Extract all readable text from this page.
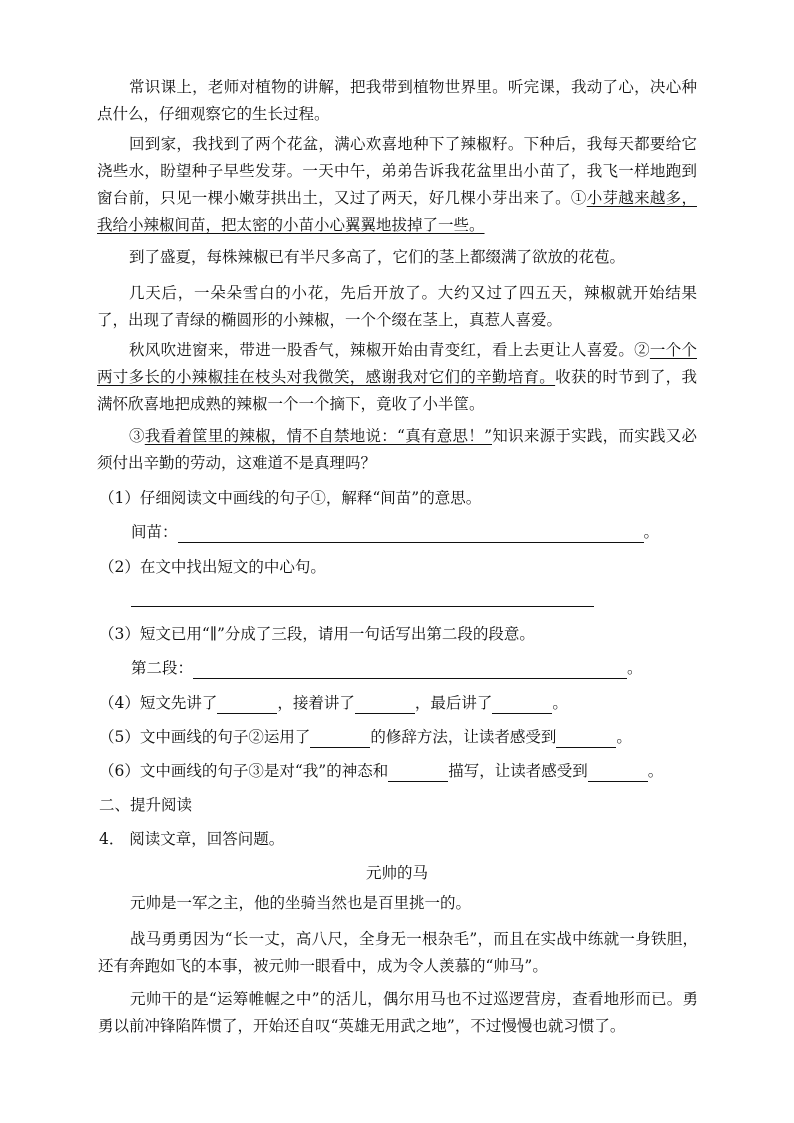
常识课上，老师对植物的讲解，把我带到植物世界里。听完课，我动了心，决心种点什么，仔细观察它的生长过程。

回到家，我找到了两个花盆，满心欢喜地种下了辣椒籽。下种后，我每天都要给它浇些水，盼望种子早些发芽。一天中午，弟弟告诉我花盆里出小苗了，我飞一样地跑到窗台前，只见一棵小嫩芽拱出土，又过了两天，好几棵小芽出来了。①小芽越来越多，我给小辣椒间苗，把太密的小苗小心翼翼地拔掉了一些。

到了盛夏，每株辣椒已有半尺多高了，它们的茎上都缀满了欲放的花苞。

几天后，一朵朵雪白的小花，先后开放了。大约又过了四五天，辣椒就开始结果了，出现了青绿的椭圆形的小辣椒，一个个缀在茎上，真惹人喜爱。

秋风吹进窗来，带进一股香气，辣椒开始由青变红，看上去更让人喜爱。②一个个两寸多长的小辣椒挂在枝头对我微笑，感谢我对它们的辛勤培育。收获的时节到了，我满怀欣喜地把成熟的辣椒一个一个摘下，竟收了小半筐。

③我看着筐里的辣椒，情不自禁地说：“真有意思！”知识来源于实践，而实践又必须付出辛勤的劳动，这难道不是真理吗？

（1）仔细阅读文中画线的句子①，解释“间苗”的意思。

间苗：	。

（2）在文中找出短文的中心句。

（3）短文已用“∥”分成了三段，请用一句话写出第二段的段意。

第二段：	。

（4）短文先讲了	，接着讲了	，最后讲了	。

（5）文中画线的句子②运用了	的修辞方法，让读者感受到	。

（6）文中画线的句子③是对“我”的神态和	描写，让读者感受到	。

二、提升阅读

4． 阅读文章，回答问题。

元帅的马

元帅是一军之主，他的坐骑当然也是百里挑一的。

战马勇勇因为“长一丈，高八尺，全身无一根杂毛”，而且在实战中练就一身铁胆，还有奔跑如飞的本事，被元帅一眼看中，成为令人羡慕的“帅马”。

元帅干的是“运筹帷幄之中”的活儿，偶尔用马也不过巡逻营房，查看地形而已。勇勇以前冲锋陷阵惯了，开始还自叹“英雄无用武之地”，不过慢慢也就习惯了。
